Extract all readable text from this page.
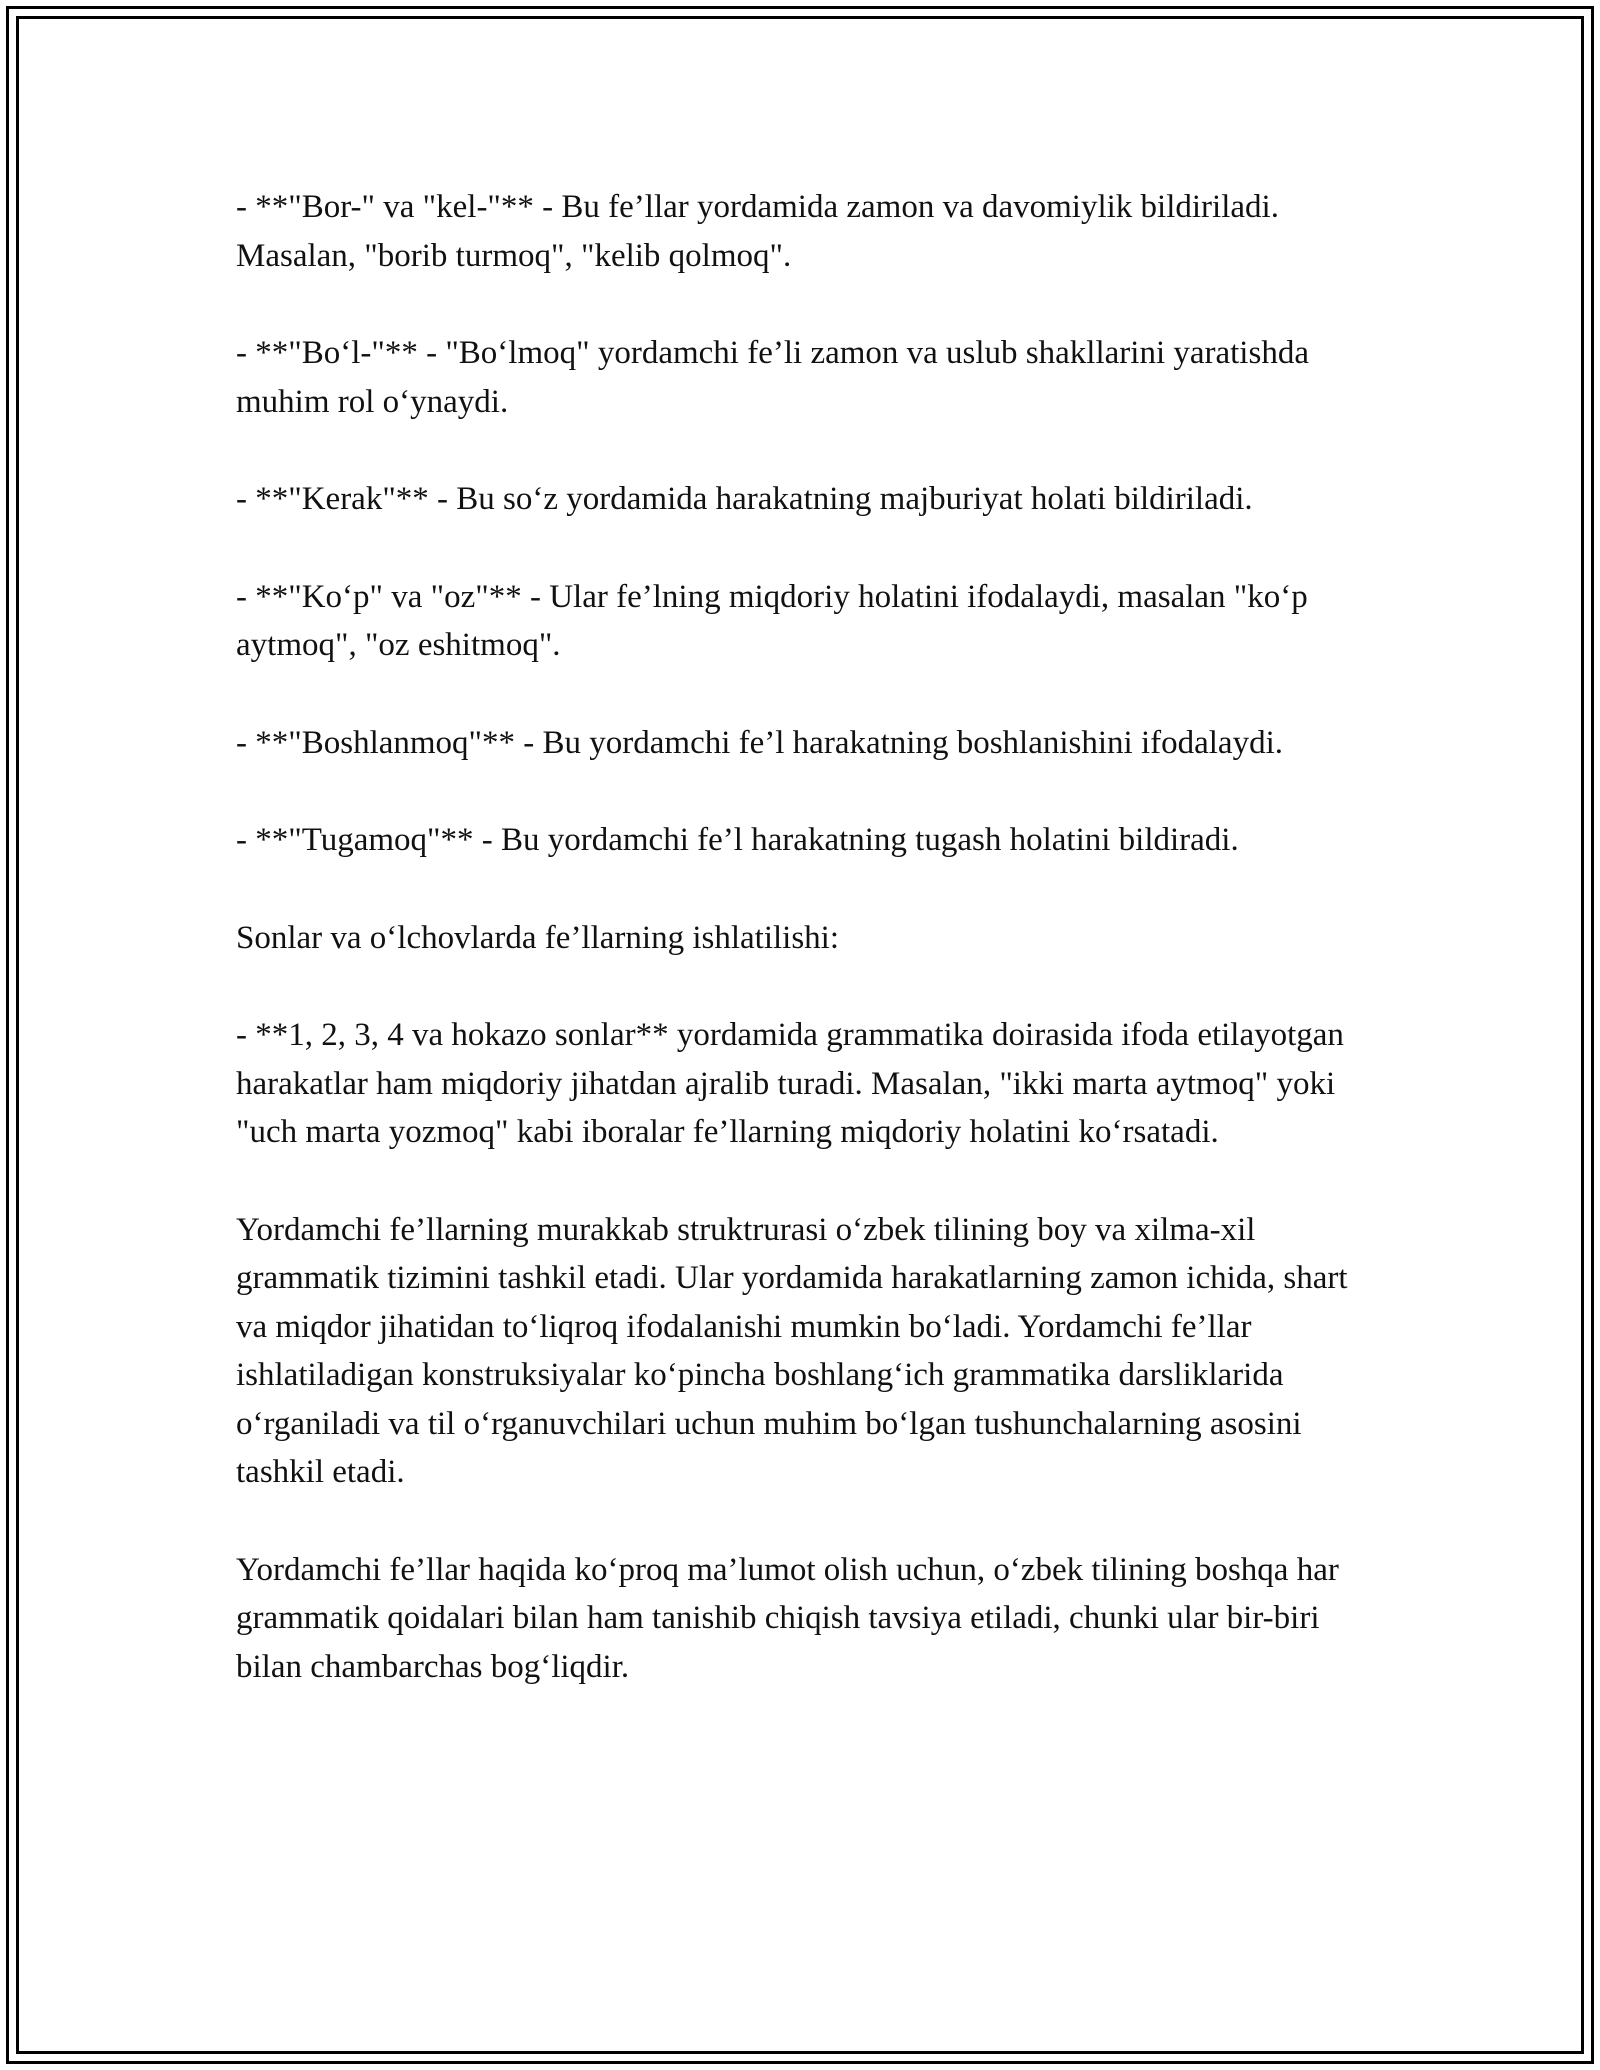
- **"Bor-" va "kel-"** - Bu fe’llar yordamida zamon va davomiylik bildiriladi. Masalan, "borib turmoq", "kelib qolmoq".

- **"Bo‘l-"** - "Bo‘lmoq" yordamchi fe’li zamon va uslub shakllarini yaratishda muhim rol o‘ynaydi.

- **"Kerak"** - Bu so‘z yordamida harakatning majburiyat holati bildiriladi.

- **"Ko‘p" va "oz"** - Ular fe’lning miqdoriy holatini ifodalaydi, masalan "ko‘p aytmoq", "oz eshitmoq".

- **"Boshlanmoq"** - Bu yordamchi fe’l harakatning boshlanishini ifodalaydi.

- **"Tugamoq"** - Bu yordamchi fe’l harakatning tugash holatini bildiradi.

Sonlar va o‘lchovlarda fe’llarning ishlatilishi:

- **1, 2, 3, 4 va hokazo sonlar** yordamida grammatika doirasida ifoda etilayotgan harakatlar ham miqdoriy jihatdan ajralib turadi. Masalan, "ikki marta aytmoq" yoki "uch marta yozmoq" kabi iboralar fe’llarning miqdoriy holatini ko‘rsatadi.

Yordamchi fe’llarning murakkab struktrurasi o‘zbek tilining boy va xilma-xil grammatik tizimini tashkil etadi. Ular yordamida harakatlarning zamon ichida, shart va miqdor jihatidan to‘liqroq ifodalanishi mumkin bo‘ladi. Yordamchi fe’llar ishlatiladigan konstruksiyalar ko‘pincha boshlang‘ich grammatika darsliklarida o‘rganiladi va til o‘rganuvchilari uchun muhim bo‘lgan tushunchalarning asosini tashkil etadi.

Yordamchi fe’llar haqida ko‘proq ma’lumot olish uchun, o‘zbek tilining boshqa har grammatik qoidalari bilan ham tanishib chiqish tavsiya etiladi, chunki ular bir-biri bilan chambarchas bog‘liqdir.
